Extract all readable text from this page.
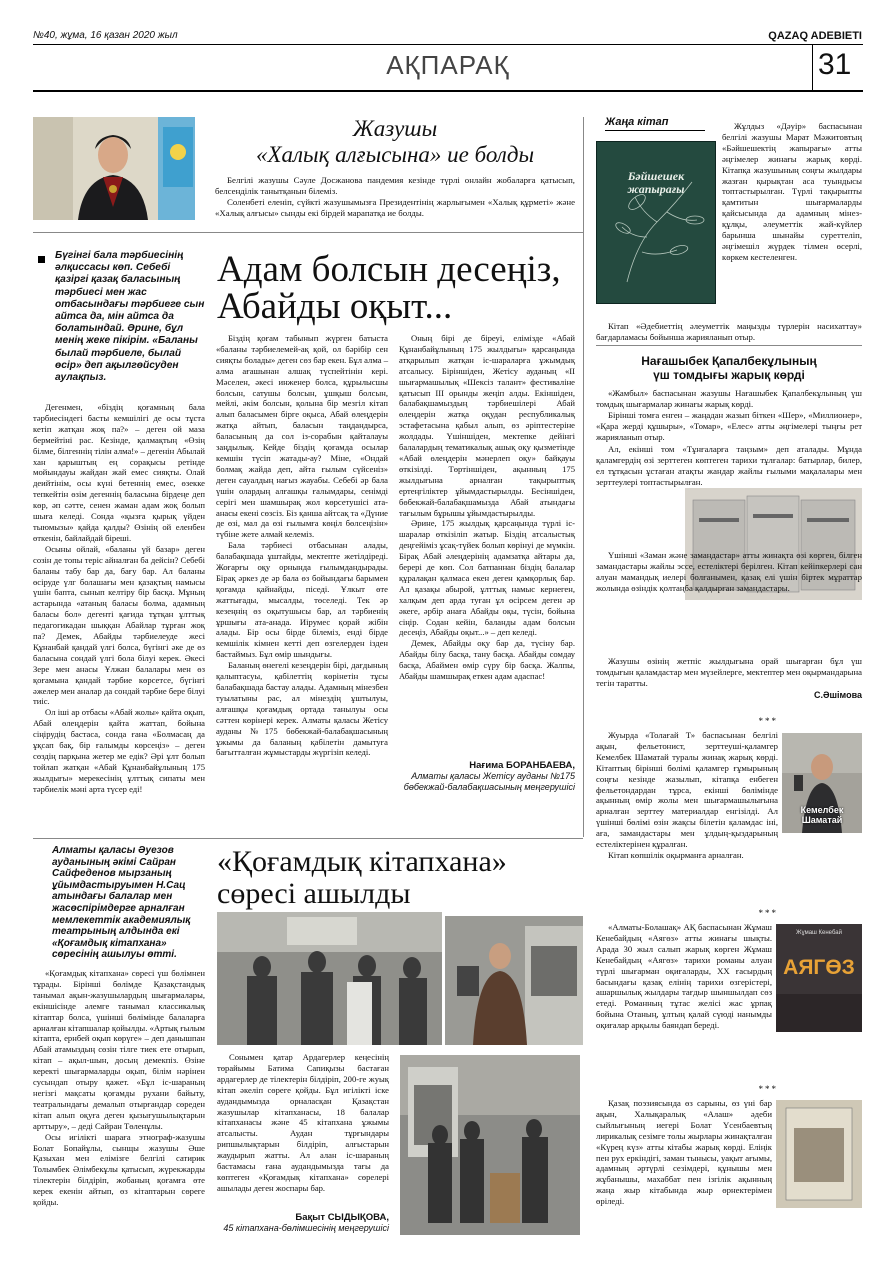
№40, жұма, 16 қазан 2020 жыл
АҚПАРАҚ
QAZAQ ADEBIETI
31
Жазушы
«Халық алғысына» ие болды

Белгілі жазушы Сәуле Досжанова пандемия кезінде түрлі онлайн жобаларға қатысып, белсенділік танытқанын білеміз.

Соленбеті еленіп, сүйкті жазушымызға Президентінің жарлығымен «Халық құрметі» және «Халық алғысы» сынды екі бірдей марапатқа ие болды.

Бүгінгі бала тәрбиесінің әлқиссасы көп. Себебі қазіргі қазақ баласының тәрбиесі мен жас отбасындағы тәрбиеге сын айтса да, мін айтса да болатындай. Әрине, бұл менің жеке пікірім. «Баланы былай тәрбиеле, былай өсір» деп ақылгөйсуден аулақпыз.
Адам болсын десеңіз, Абайды оқыт...

Дегенмен, «біздің қоғамның бала тәрбиесіндегі басты кемшілігі де осы тұста кетіп жатқан жоқ па?» – деген ой маза бермейтіні рас. Кезінде, қалмақтың «Өзің білме, білгеннің тілін алма!» – дегенін Абылай хан қарыштың ең сорақысы ретінде мойындауы жайдан жай емес сияқты. Олай деийтінім, осы күні бетеннің емес, өзекке тепкейтін өзім дегеннің баласына бірдеңе деп көр, әп сәтте, сенен жаман адам жоқ болып шыға келеді. Сонда «қызға қырық үйден тыюмызы» қайда қалды? Өзінің ой еленбен өткенін, байлайдай біреші.

Осыны ойлай, «баланы үй базар» деген созін де топы теріс айналған ба дейсін? Себебі баланы табу бар да, бағу бар. Ал баланы өсіруде үлг болашағы мен қазақтың намысы үшін бапта, сынып келтіру бір басқа. Мұның астарында «атаның баласы болма, адамның баласы бол» дегенті қағида тұтқан ұлттық педагогикадан шыққан Абайлар тұрған жоқ па? Демек, Абайды тәрбиелеуде жесі Құнанбай қандай үлгі болса, бүгінгі әке де өз баласына сондай үлгі бола білуі керек. Әкесі Зере мен анасы Ұлжан балалары мен өз қоғамына қандай тәрбие көрсетсе, бүгінгі әжелер мен аналар да сондай тәрбие бере білуі тиіс.

Ол іші ар отбасы «Абай жолы» қайта оқып, Абай өлеңдерін қайта жаттап, бойына сіңірудің бастаса, сонда ғана «Болмасаң да ұқсап бақ, бір ғалымды көрсеңіз» – деген сөздің парқына жетер ме едік? Әрі ұлт болып тойлап жатқан «Абай Құнанбайұлының 175 жылдығы» мерекесінің ұлттық сипаты мен тәрбиелік мәні арта түсер еді!

Біздің қоғам табынып жүрген батыста «баланы тәрбиелемей-ақ қой, ол бәрібір сен сияқты болады» деген сөз бар екен. Бұл алма – алма ағашынан алшақ түспейтінін кері. Мәселен, әкесі инженер болса, құрылысшы болсын, сатушы болсын, ұшқыш болсын, мейлі, әкім болсын, қолына бір мезгіл кітап алып баласымен бірге оқыса, Абай өлеңдерін жатқа айтып, баласын таңдандырса, баласының да сол із-сорабын қайталауы заңдылық. Кейде біздің қоғамда осылар кемшін түсіп жатады-ау? Міне, «Ондай болмақ жайда деп, айта ғылым сүйсеніз» деген сауалдың нағыз жауабы. Себебі әр бала үшін олардың алғашқы ғалымдары, сенімді серігі мен шамшырақ жол көрсетушісі ата-анасы екені сөзсіз. Біз қанша айтсақ та «Дүние де өзі, мал да өзі ғылымға көңіл бөлсеңізін» түбіне жете алмай келеміз.

Бала тәрбиесі отбасынан алады, балабақшада ұштайды, мектепте жетілдіреді. Жоғарғы оқу орнында ғылымдандырады. Бірақ әркез де әр бала өз бойындағы барымен қоғамда қайнайды, піседі. Ұлкыт өте жаттығады, мысалды, төселеді. Тек әр кезеңнің өз оқытушысы бар, ал тәрбиенің ұршығы ата-анада. Иірумес қорай жібін алады. Бір осы бірде білеміз, енді бірде кемшілік кімнен кетті деп өзгелерден ізден бастаймыз. Бұл өмір шындығы.

Баланың өнегелі кезеңдерін бірі, дағдының қалыптасуы, қабілеттің көрінетін тұсы балабақшада бастау алады. Адамның мінезбен туылатыны рас, ал мінездің ұштылуы, алғашқы қоғамдық ортада танылуы осы сәттен көрінері керек. Алматы қаласы Жетісу ауданы №175 бөбекжай-балабақшасының ұжымы да баланың қабілетін дамытуға бағытталған жұмыстарды жүргізіп келеді.

Оның бірі де біреуі, елімізде «Абай Құнанбайұлының 175 жылдығы» қарсаңында атқарылып жатқан іс-шараларға ұжымдық атсалысу. Біріншіден, Жетісу ауданың «II шығармашылық «Шексіз талант» фестиваліне қатысып III орынды жеңіп алды. Екіншіден, балабақшамыздың тәрбиешілері Абай өлеңдерін жатқа оқудан республикалық эстафетасына қабыл алып, өз әріптестеріне жолдады. Үшіншіден, мектепке дейінгі балалардың тематикалық ашық оқу қызметінде «Абай өлеңдерін мәнерлеп оқу» байқауы өткізілді. Төртіншіден, ақынның 175 жылдығына арналған тақырыптық ертеңгіліктер ұйымдастырылды. Бесіншіден, бөбекжай-балабақшамызда Абай атындағы тағылым бұрышы ұйымдастырылды.

Әрине, 175 жылдық қарсаңында түрлі іс-шаралар өткізіліп жатыр. Біздің атсалыстық деңгейіміз ұсақ-түйек болып көрінуі де мүмкін. Бірақ Абай әлеңдерінің адамзатқа айтары да, берері де көп. Сол батпаннан біздің балалар құралақан қалмаса екен деген қамқорлық бар. Ал қазақы абырой, ұлттық намыс кернеген, халқым деп арда туған ұл өсірсем деген әр әкеге, әрбір анаға Абайды оқы, түсін, бойына сіңір. Содан кейін, баланды адам болсын десеңіз, Абайды оқыт...» – деп келеді.

Демек, Абайды оқу бар да, түсіну бар. Абайды білу басқа, тану басқа. Абайды сомдау басқа, Абаймен өмір сүру бір басқа. Жалпы, Абайды шамшырақ еткен адам адаспас!

Нағима БОРАНБАЕВА,
Алматы қаласы Жетісу ауданы №175 бөбекжай-балабақшасының меңгерушісі
Жаңа кітап
Бәйшешек жапырағы

Жұлдыз «Дәуір» баспасынан белгілі жазушы Марат Мәжитовтың «Бәйшешектің жапырағы» атты әңгімелер жинағы жарық көрді. Кітапқа жазушының соңғы жылдары жазған қырықтан аса туындысы топтастырылған. Түрлі тақырыпты қамтитын шығармаларды қайсысында да адамның мінез-құлқы, әлеуметтік жай-күйлер барынша шынайы суреттеліп, әңгімешіл жүрдек тілмен өсерлі, көркем кестеленген.

Кітап «Әдебиеттің әлеуметтік маңызды түрлерін насихаттау» бағдарламасы бойынша жарияланып отыр.

Нағашыбек Қапалбекұлының
үш томдығы жарық көрді

«Жамбыл» баспасынан жазушы Нағашыбек Қапалбекұлының үш томдық шығармалар жинағы жарық көрді.

Бірінші томға енген – жаңадан жазып біткен «Шер», «Миллионер», «Қара жерді құшыры», «Томар», «Елес» атты әңгімелері тыңғы рет жарияланып отыр.

Ал, екінші том «Тұнғаларға таңзым» деп аталады. Мұнда қаламгердің өзі зерттеген көптеген тарихи тұлғалар: батырлар, билер, ел тұтқасын ұстаған атақты жандар жайлы ғылыми мақалалары мен зерттеулері топтастырылған.

Үшінші «Заман және замандастар» атты жинақта өзі көрген, білген замандастары жайлы эссе, естеліктері берілген. Кітап кейіпкерлері сан алуан мамандық иелері болғанымен, қазақ елі үшін біртек мұраттар жолында өзіндік қолтаңба қалдырған замандастары.

Жазушы өзінің жетпіс жылдығына орай шығарған бұл үш томдығын қаламдастар мен мүзейлерге, мектептер мен оқырмандарына тегін таратты.

С.Әшімова
***

Жуырда «Толағай Т» баспасынан белгілі ақын, фельетонист, зерттеуші-қаламгер Кемелбек Шаматай туралы жинақ жарық көрді. Кітаптың бірінші бөлімі қаламгер ғұмырының соңғы кезінде жазылып, кітапқа енбеген фельетондардан тұрса, екінші бөлімінде ақынның өмір жолы мен шығармашылығына арналған зерттеу материалдар енгізілді. Ал үшінші бөлімі өзін жақсы білетін қаламдас іні, аға, замандастары мен ұлдың-қыздарының естеліктерінен құралған.

Кітап көпшілік оқырманға арналған.

Кемелбек Шаматай
***

«Алматы-Болашақ» АҚ баспасынан Жұмаш Кенебайдың «Аягөз» атты жинағы шықты. Арада 30 жыл салып жарық көрген Жұмаш Кенебайдың «Аягөз» тарихи романы алуан түрлі шығарман оқиғаларды, XX ғасырдың басындағы қазақ елінің тарихи өзгерістері, ашаршылық жылдары тағдыр шыншылдап сөз етеді. Романның тұтас желісі жас ұрпақ бойына Отаның, ұлтың қалай сүюді нанымды оқиғалар арқылы баяндап береді.

Жұмаш Кенебай
АЯГӨЗ
***

Қазақ поэзиясында өз сарыны, өз үні бар ақын, Халықаралық «Алаш» әдеби сыйлығының иегері Болат Үсенбаевтың лирикалық сезімге толы жырлары жинақталған «Күрең күз» атты кітабы жарық көрді. Еліңік пен рух еркіндігі, заман тынысы, уақыт ағымы, адамның әртүрлі сезімдері, құнышы мен жұбанышы, махаббат пен ізгілік ақынның жаңа жыр кітабында жыр өрнектерімен өріледі.

Алматы қаласы Әуезов ауданының әкімі Сайран Сайфеденов мырзаның ұйымдастыруымен Н.Сац атындағы балалар мен жасөспірімдерге арналған мемлекеттік академиялық театрының алдында екі «Қоғамдық кітапхана» сөресінің ашылуы өтті.
«Қоғамдық кітапхана»
сөресі ашылды

«Қоғамдық кітапхана» сөресі үш бөлімнен тұрады. Бірінші бөлімде Қазақстандық танымал ақын-жазушылардың шығармалары, екіншісінде әлемге танымал классикалық кітаптар болса, үшінші бөлімінде балаларға арналған кітапшалар қойылды. «Артық ғылым кітапта, ернбей оқып көрүге» – деп данышпан Абай атамыздың сөзін тілге тиек ете отырып, кітап – ақыл-шын, досың демекпіз. Өзіне керекті шығармаларды оқып, білім нәрінен сусындап отыру қажет. «Бұл іс-шараның негізгі мақсаты қоғамды рухани байыту, театралындағы демалып отырғандар сөреден кітап алып оқуға деген қызығушылықтарын арттыру», – деді Сайран Төленұлы.

Осы игілікті шараға этнограф-жазушы Болат Бопайұлы, сынщы жазушы Әше Қазыхан мен елімізге белгілі сатирик Толымбек Әлімбекұлы қатысып, жүрекжарды тілектерін білдіріп, жобаның қоғамға өте керек екенін айтып, өз кітаптарын сөреге қойды.

Сонымен қатар Ардагерлер кеңесінің төрайымы Батима Сапиқызы бастаған ардагерлер де тілектерін білдіріп, 200-ге жуық кітап әкеліп сөреге қойды. Бұл игілікті іске аудандымызда орналасқан Қазақстан жазушылар кітапханасы, 18 балалар кітапханасы және 45 кітапхана ұжымы атсалысты. Аудан тұрғындары рипшылықтарын білдіріп, алғыстарын жаудырып жатты. Ал алан іс-шараның бастамасы ғана аудандымызда тағы да көптеген «Қоғамдық кітапхана» сөрелері ашылады деген жоспары бар.

Бақыт СЫДЫҚОВА,
45 кітапхана-бөлімшесінің меңгерушісі
